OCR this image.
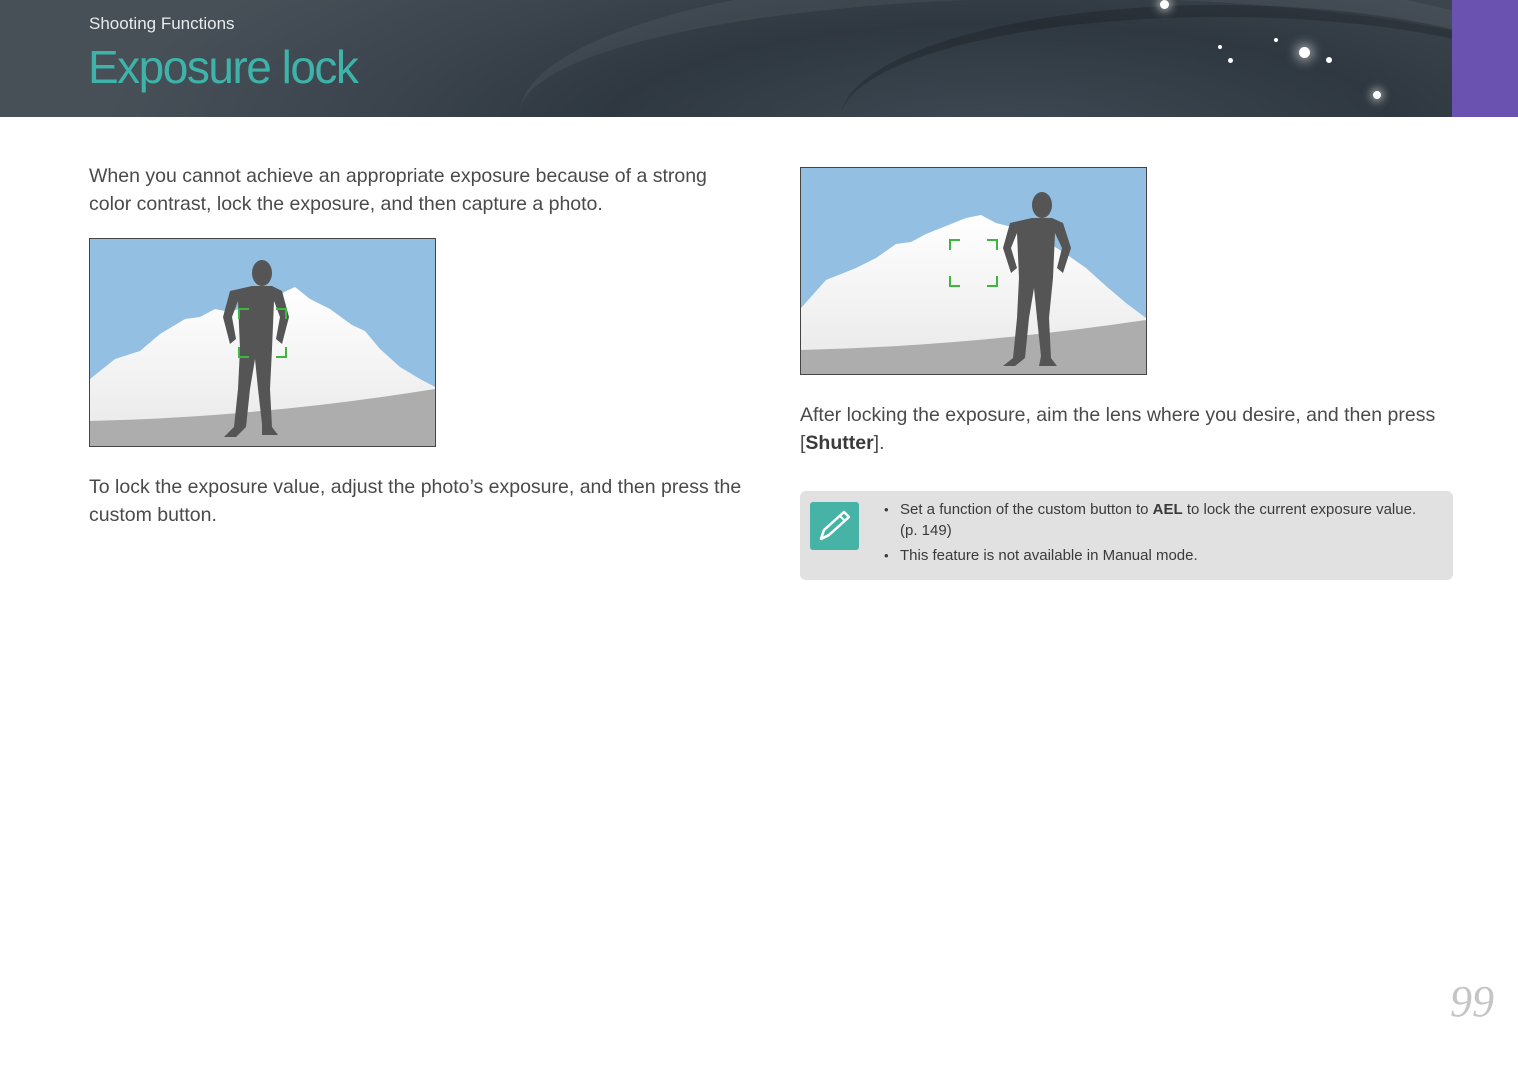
Shooting Functions
Exposure lock
When you cannot achieve an appropriate exposure because of a strong color contrast, lock the exposure, and then capture a photo.
To lock the exposure value, adjust the photo’s exposure, and then press the custom button.
After locking the exposure, aim the lens where you desire, and then press [Shutter].
• Set a function of the custom button to AEL to lock the current exposure value. (p. 149)
• This feature is not available in Manual mode.
99
